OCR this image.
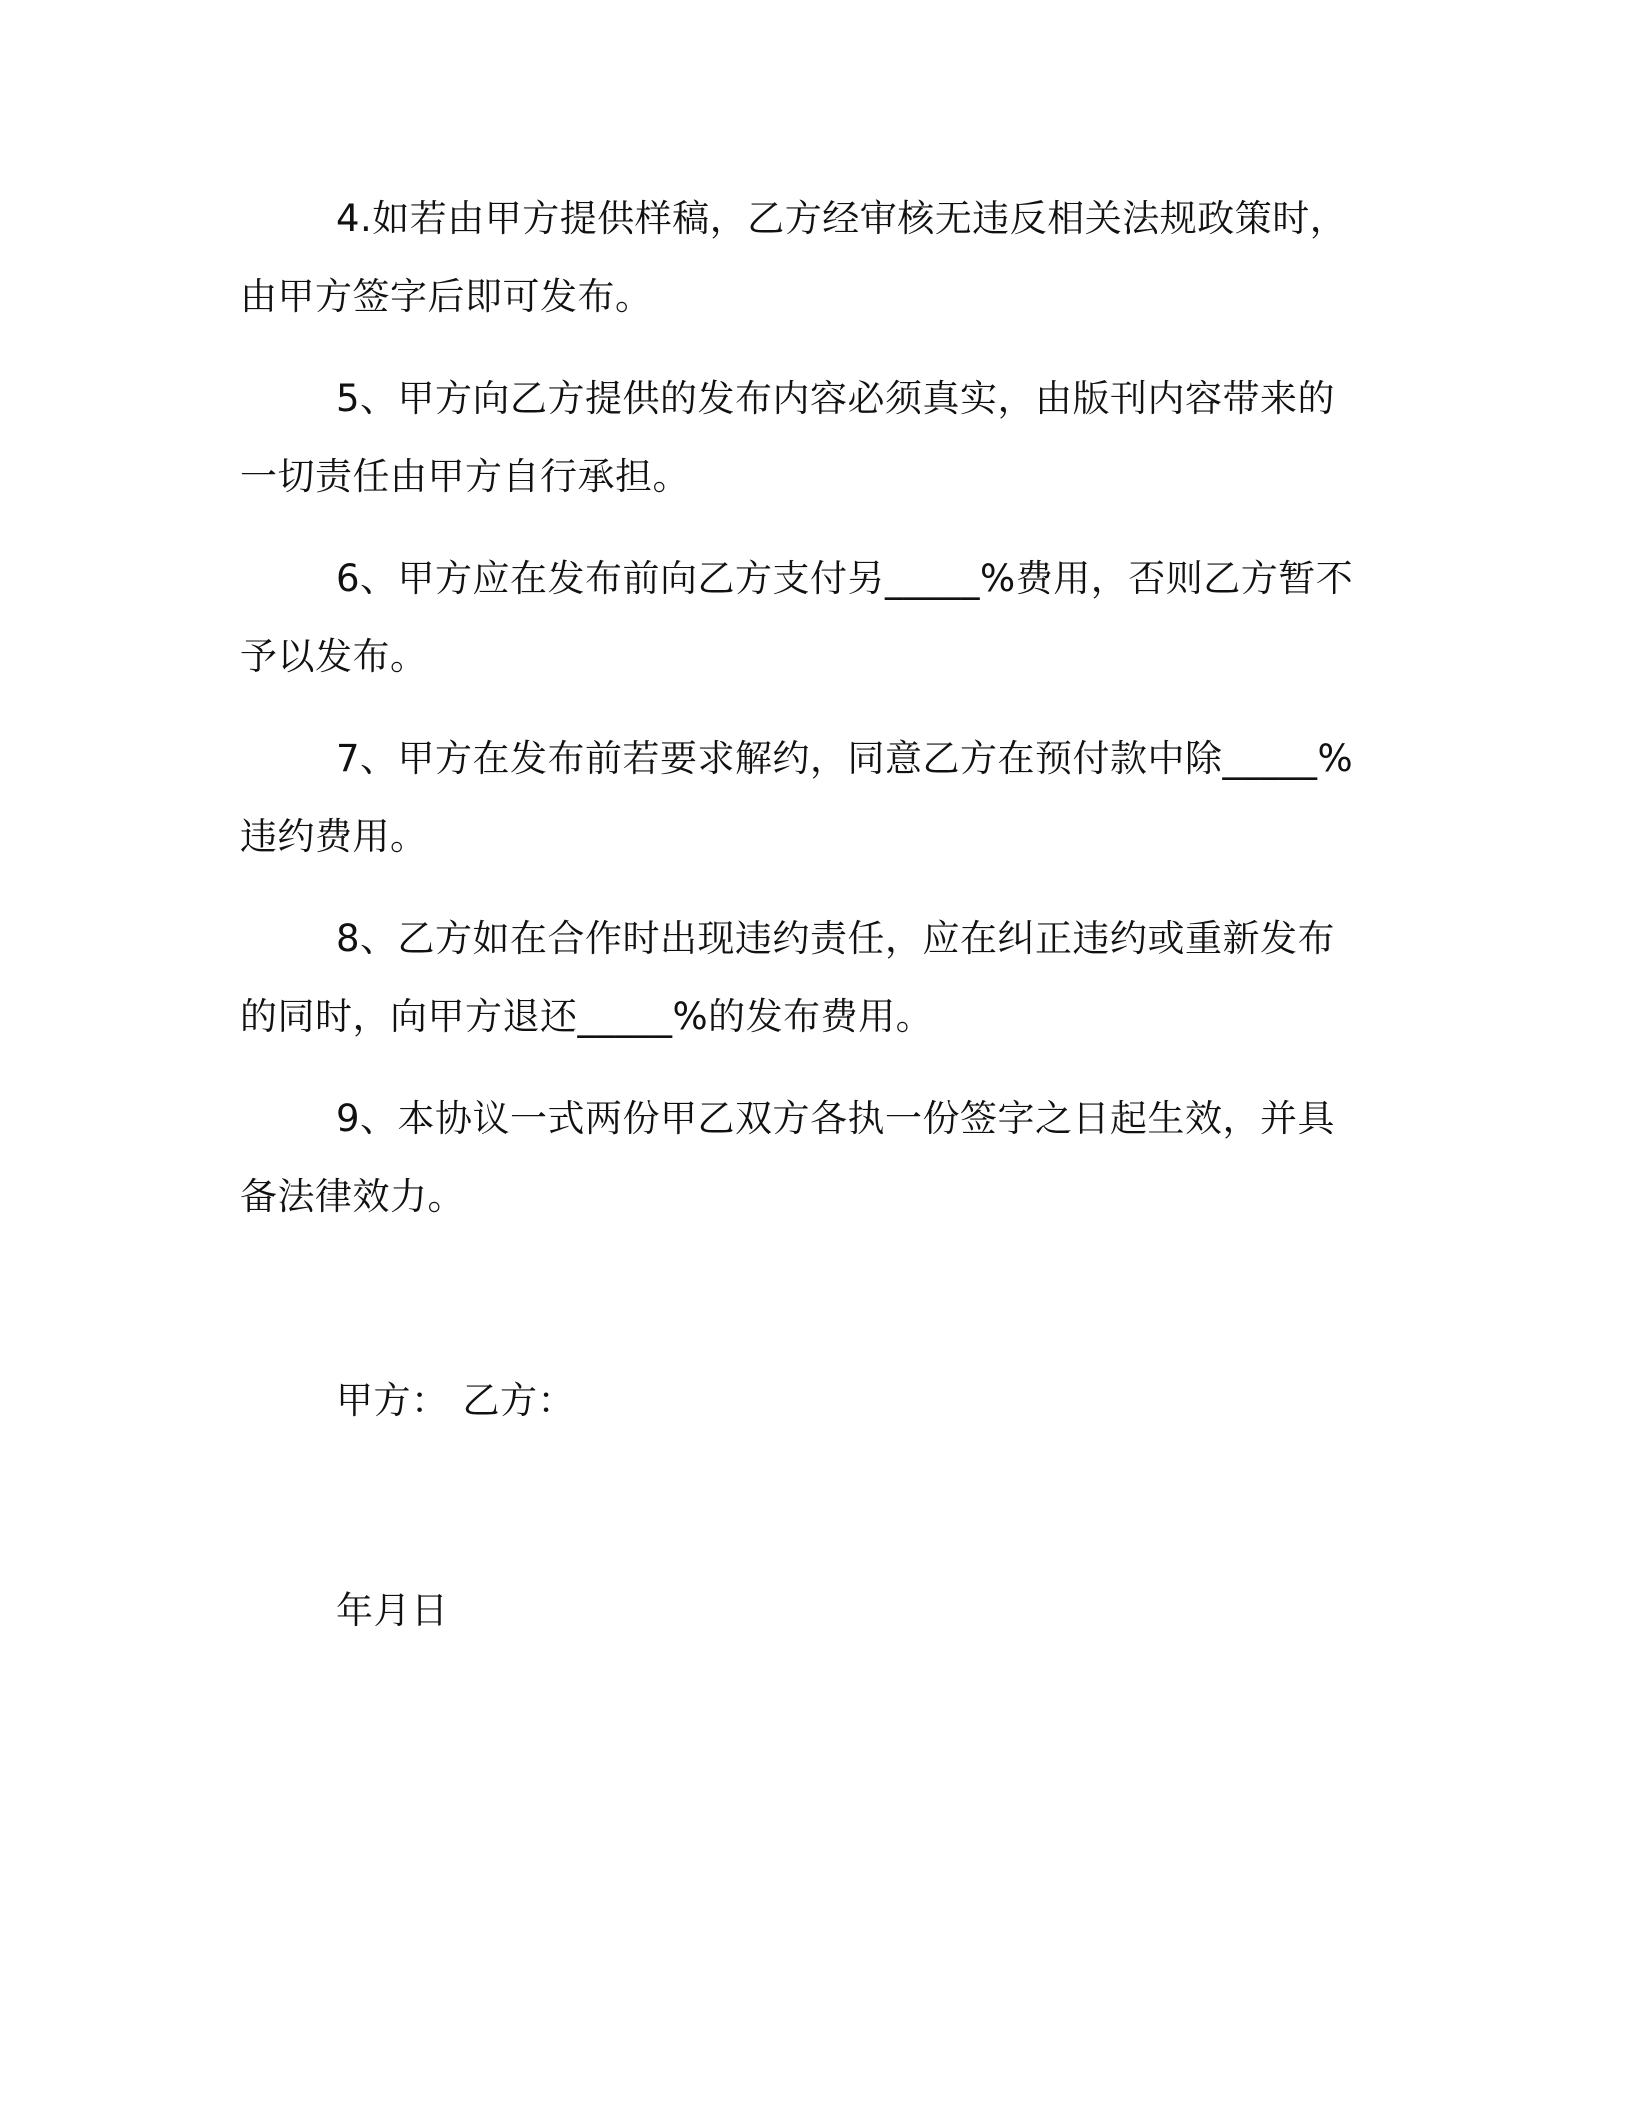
4.如若由甲方提供样稿，乙方经审核无违反相关法规政策时，由甲方签字后即可发布。

5、甲方向乙方提供的发布内容必须真实，由版刊内容带来的一切责任由甲方自行承担。

6、甲方应在发布前向乙方支付另_____%费用，否则乙方暂不予以发布。

7、甲方在发布前若要求解约，同意乙方在预付款中除_____%违约费用。

8、乙方如在合作时出现违约责任，应在纠正违约或重新发布的同时，向甲方退还_____%的发布费用。

9、本协议一式两份甲乙双方各执一份签字之日起生效，并具备法律效力。

甲方： 乙方：

年月日
